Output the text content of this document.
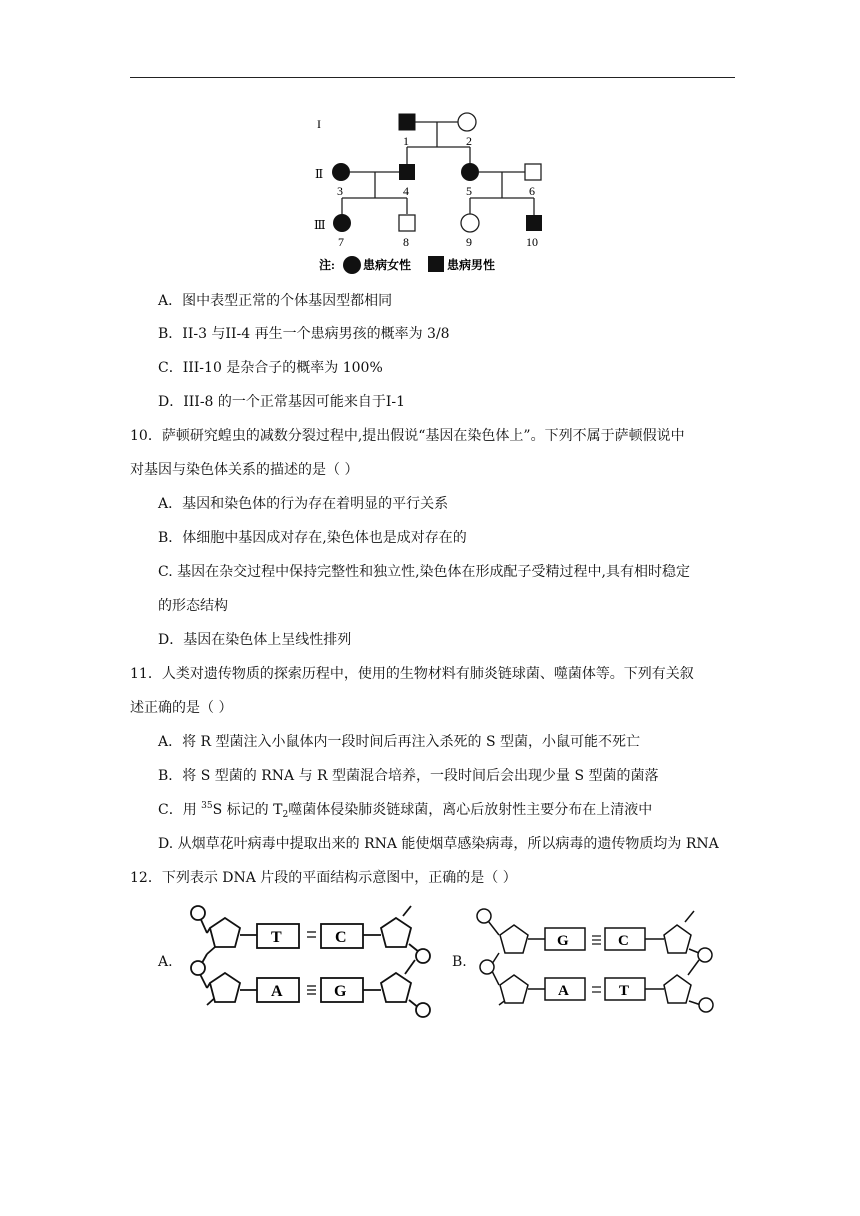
I
Ⅱ
Ⅲ
1	2
3	4	5	6
7	8	9	10
注: 患病女性	患病男性
A．图中表型正常的个体基因型都相同
B．II-3 与II-4 再生一个患病男孩的概率为 3/8
C．III-10 是杂合子的概率为 100%
D．III-8 的一个正常基因可能来自于I-1
10．萨顿研究蝗虫的减数分裂过程中,提出假说“基因在染色体上”。下列不属于萨顿假说中
对基因与染色体关系的描述的是（ ）
A．基因和染色体的行为存在着明显的平行关系
B．体细胞中基因成对存在,染色体也是成对存在的
C. 基因在杂交过程中保持完整性和独立性,染色体在形成配子受精过程中,具有相时稳定
的形态结构
D．基因在染色体上呈线性排列
11．人类对遗传物质的探索历程中，使用的生物材料有肺炎链球菌、噬菌体等。下列有关叙
述正确的是（ ）
A．将 R 型菌注入小鼠体内一段时间后再注入杀死的 S 型菌，小鼠可能不死亡
B．将 S 型菌的 RNA 与 R 型菌混合培养，一段时间后会出现少量 S 型菌的菌落
C．用 $^{35}$S 标记的 $T_2$噬菌体侵染肺炎链球菌，离心后放射性主要分布在上清液中
D. 从烟草花叶病毒中提取出来的 RNA 能使烟草感染病毒，所以病毒的遗传物质均为 RNA
12．下列表示 DNA 片段的平面结构示意图中，正确的是（ ）
A.
T	C
A	G
B.
G	C
A	T
